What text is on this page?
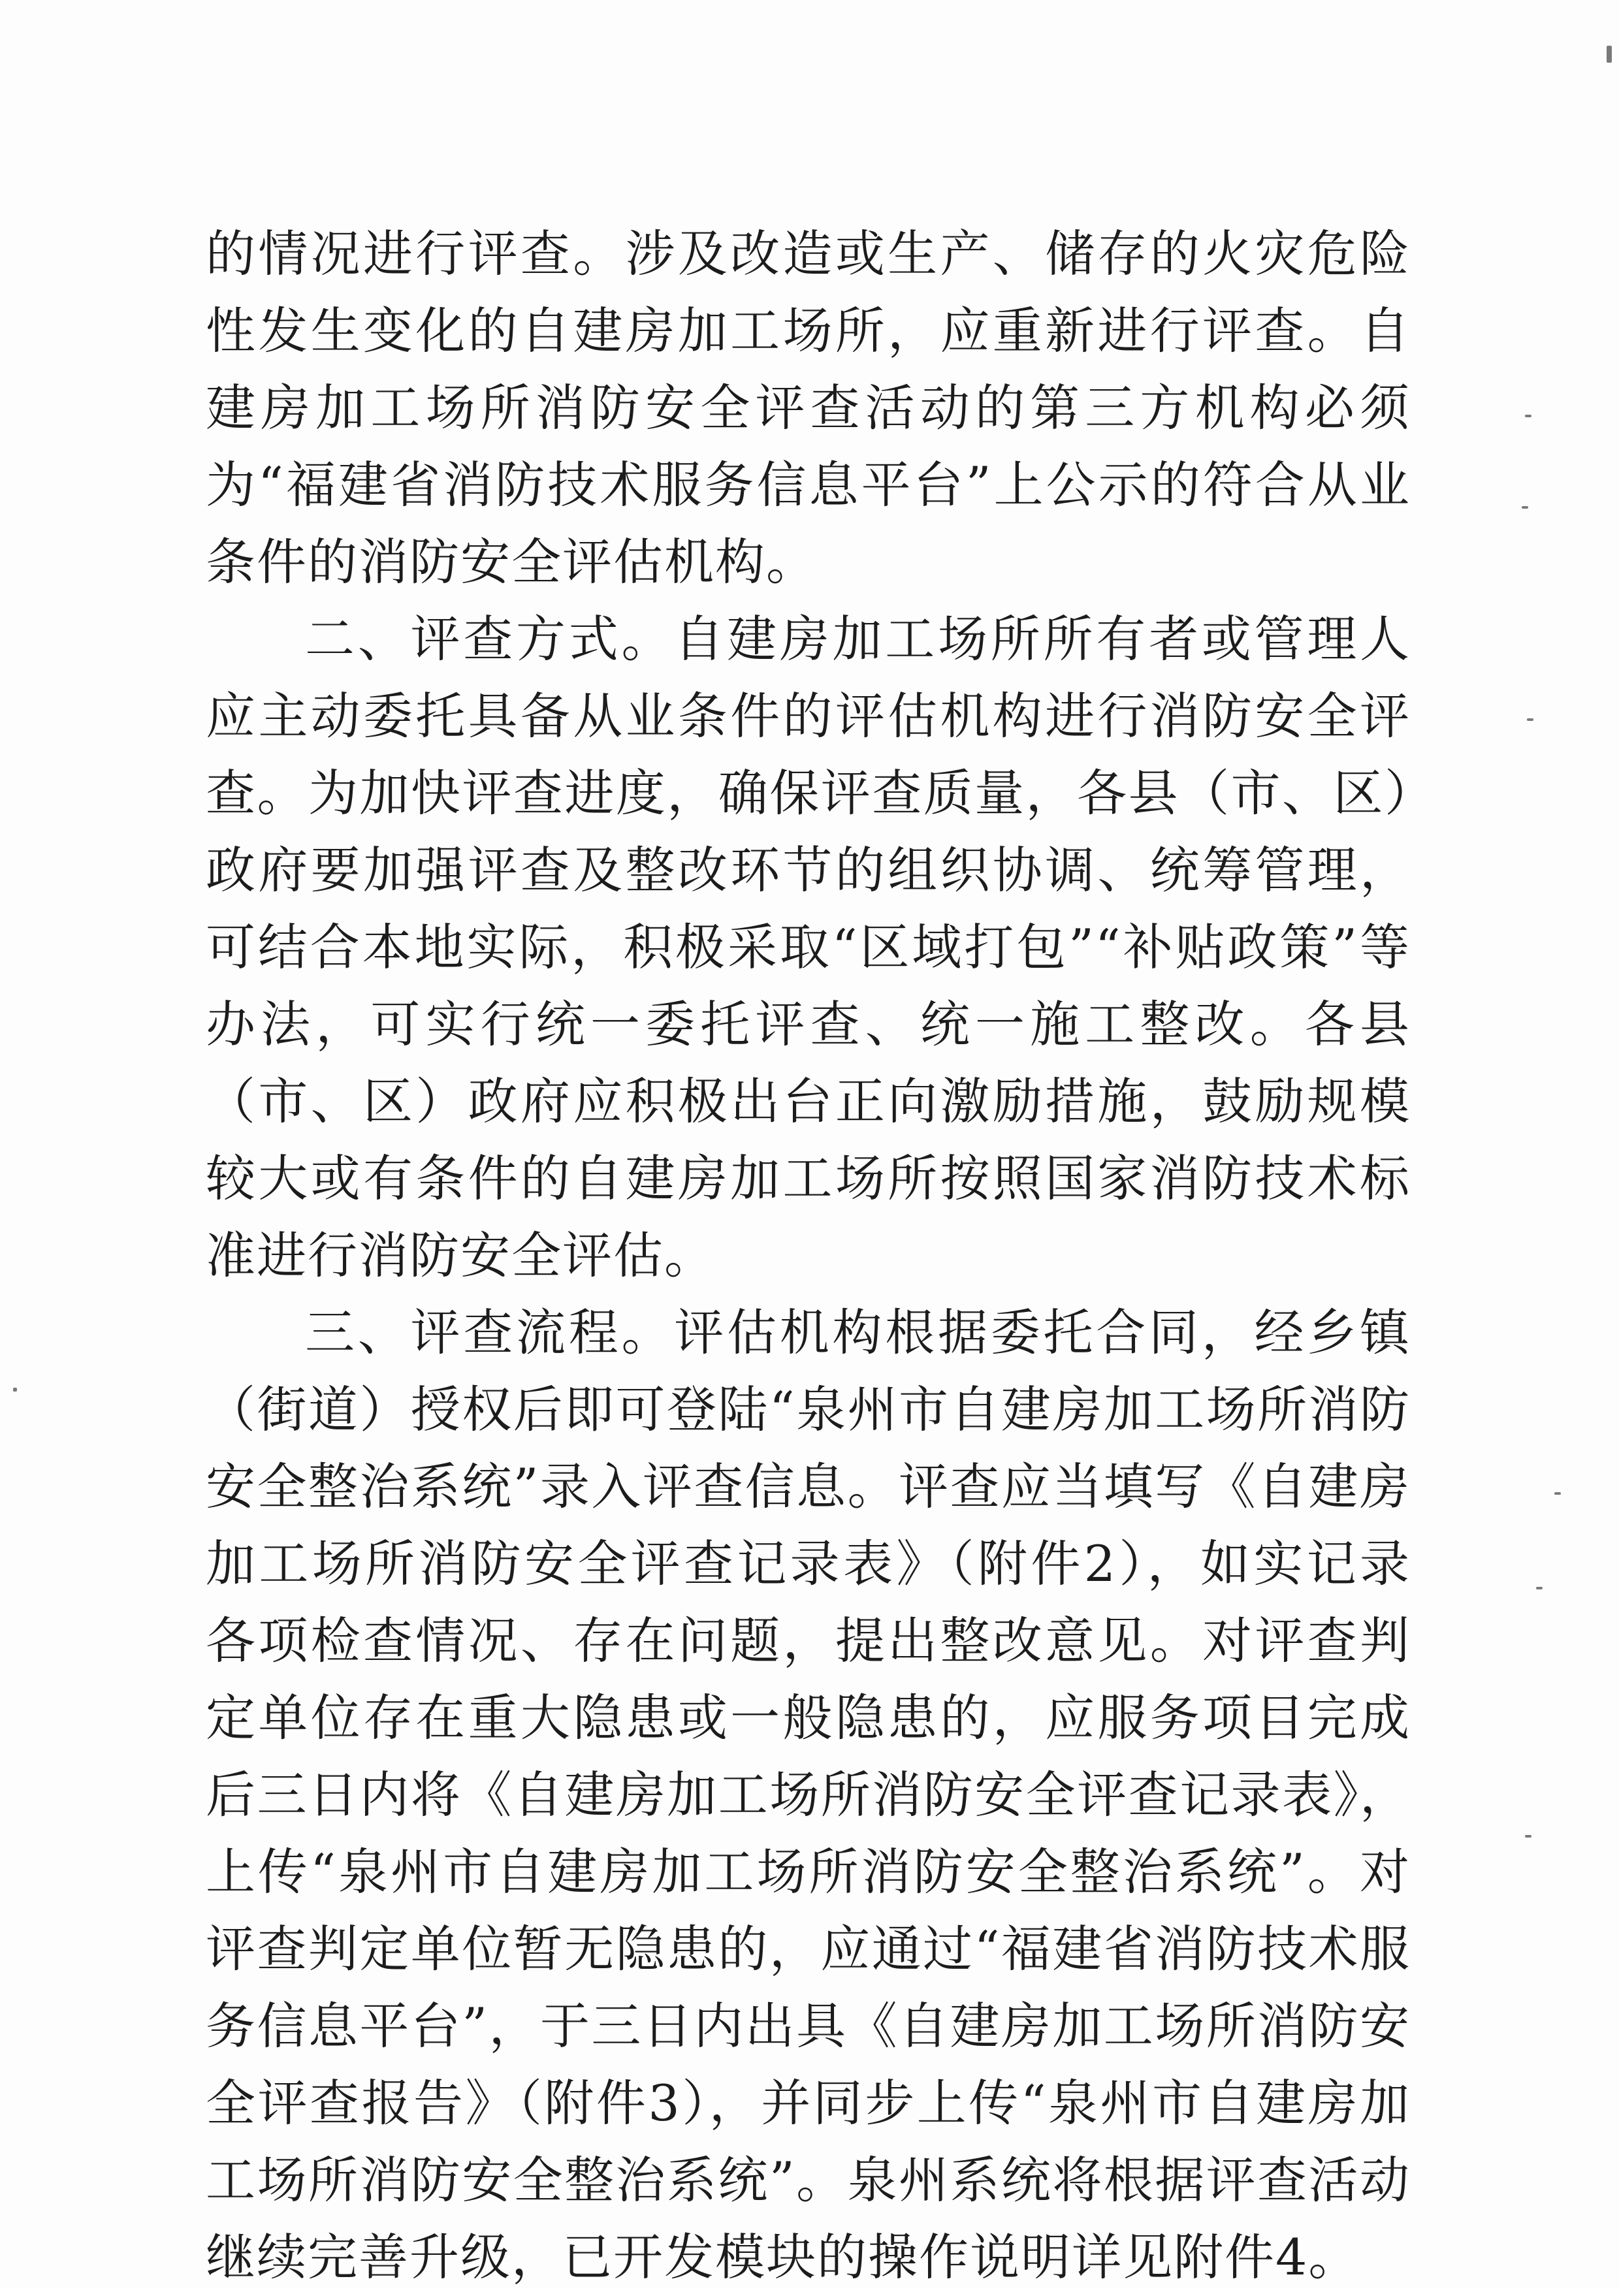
的情况进行评查。涉及改造或生产、储存的火灾危险性发生变化的自建房加工场所，应重新进行评查。自建房加工场所消防安全评查活动的第三方机构必须为“福建省消防技术服务信息平台”上公示的符合从业条件的消防安全评估机构。

二、评查方式。自建房加工场所所有者或管理人应主动委托具备从业条件的评估机构进行消防安全评查。为加快评查进度，确保评查质量，各县（市、区）政府要加强评查及整改环节的组织协调、统筹管理，可结合本地实际，积极采取“区域打包”“补贴政策”等办法，可实行统一委托评查、统一施工整改。各县（市、区）政府应积极出台正向激励措施，鼓励规模较大或有条件的自建房加工场所按照国家消防技术标准进行消防安全评估。

三、评查流程。评估机构根据委托合同，经乡镇（街道）授权后即可登陆“泉州市自建房加工场所消防安全整治系统”录入评查信息。评查应当填写《自建房加工场所消防安全评查记录表》（附件2），如实记录各项检查情况、存在问题，提出整改意见。对评查判定单位存在重大隐患或一般隐患的，应服务项目完成后三日内将《自建房加工场所消防安全评查记录表》，上传“泉州市自建房加工场所消防安全整治系统”。对评查判定单位暂无隐患的，应通过“福建省消防技术服务信息平台”，于三日内出具《自建房加工场所消防安全评查报告》（附件3），并同步上传“泉州市自建房加工场所消防安全整治系统”。泉州系统将根据评查活动继续完善升级，已开发模块的操作说明详见附件4。
